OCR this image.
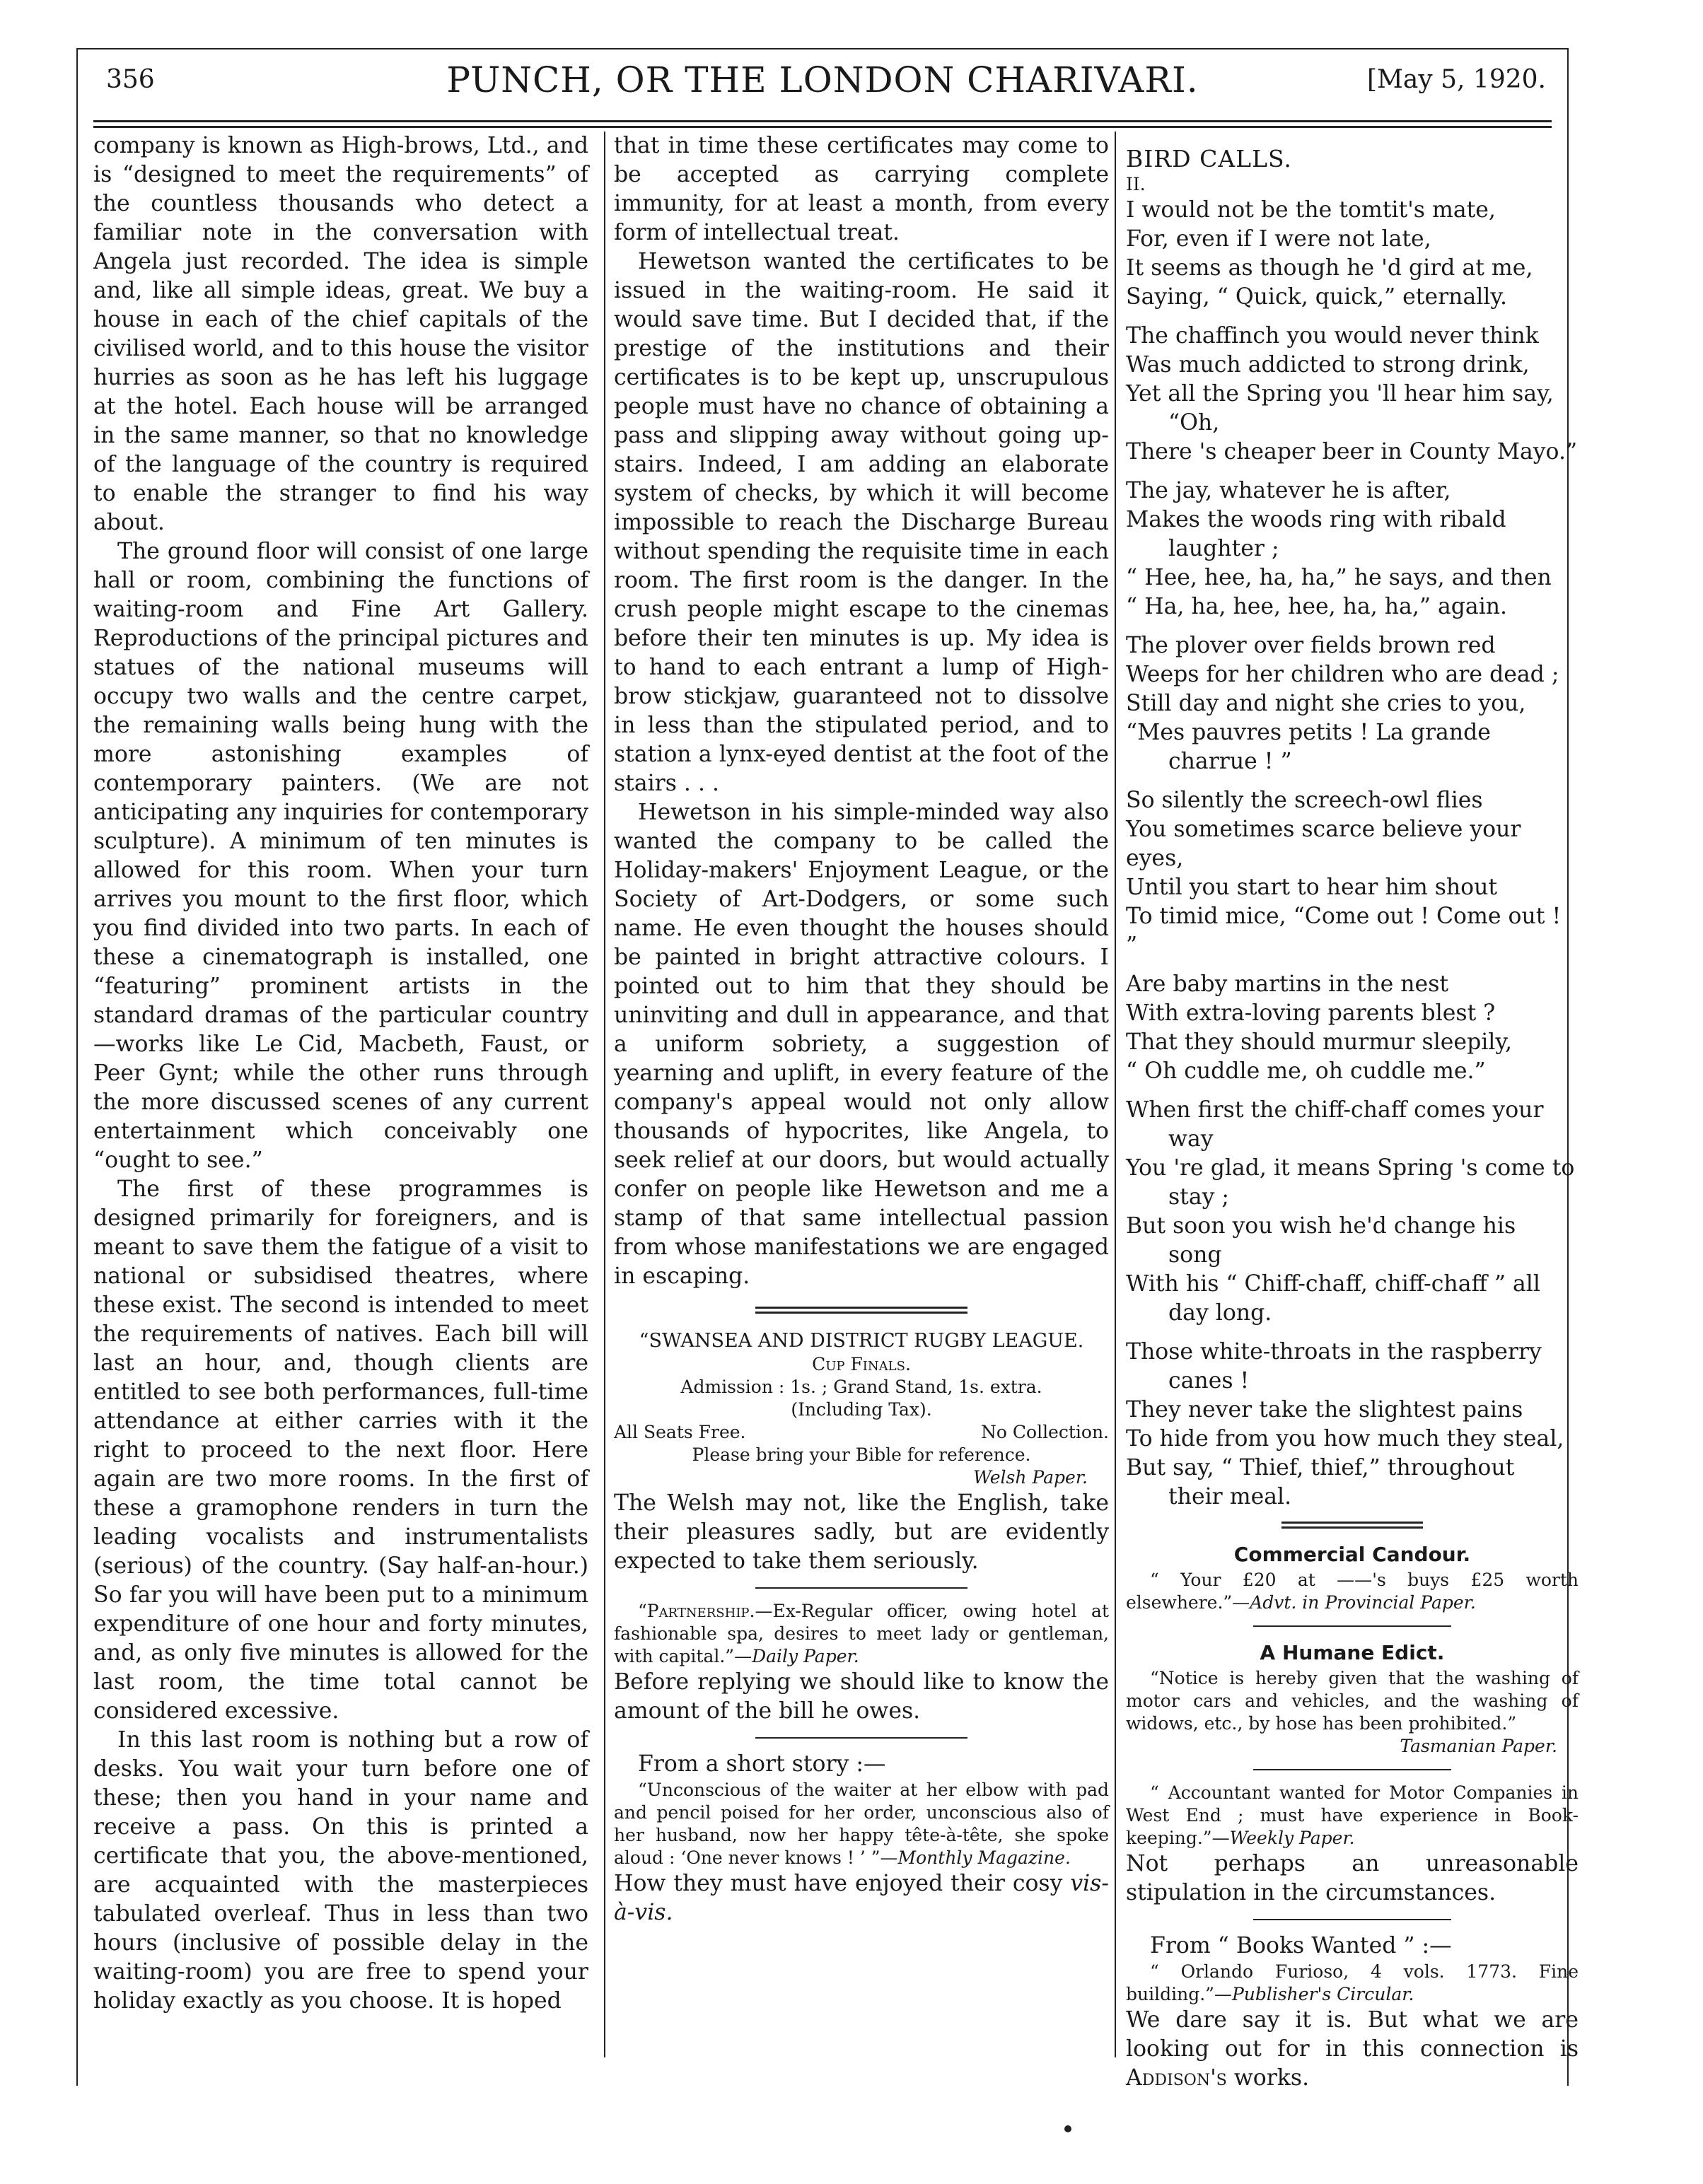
356	PUNCH, OR THE LONDON CHARIVARI.	[May 5, 1920.

company is known as High-brows, Ltd., and is “designed to meet the requirements” of the countless thousands who detect a familiar note in the conversation with Angela just recorded. The idea is simple and, like all simple ideas, great. We buy a house in each of the chief capitals of the civilised world, and to this house the visitor hurries as soon as he has left his luggage at the hotel. Each house will be arranged in the same manner, so that no knowledge of the language of the country is required to enable the stranger to find his way about.

The ground floor will consist of one large hall or room, combining the functions of waiting-room and Fine Art Gallery. Reproductions of the principal pictures and statues of the national museums will occupy two walls and the centre carpet, the remaining walls being hung with the more astonishing examples of contemporary painters. (We are not anticipating any inquiries for contemporary sculpture). A minimum of ten minutes is allowed for this room. When your turn arrives you mount to the first floor, which you find divided into two parts. In each of these a cinematograph is installed, one “featuring” prominent artists in the standard dramas of the particular country—works like Le Cid, Macbeth, Faust, or Peer Gynt; while the other runs through the more discussed scenes of any current entertainment which conceivably one “ought to see.”

The first of these programmes is designed primarily for foreigners, and is meant to save them the fatigue of a visit to national or subsidised theatres, where these exist. The second is intended to meet the requirements of natives. Each bill will last an hour, and, though clients are entitled to see both performances, full-time attendance at either carries with it the right to proceed to the next floor. Here again are two more rooms. In the first of these a gramophone renders in turn the leading vocalists and instrumentalists (serious) of the country. (Say half-an-hour.) So far you will have been put to a minimum expenditure of one hour and forty minutes, and, as only five minutes is allowed for the last room, the time total cannot be considered excessive.

In this last room is nothing but a row of desks. You wait your turn before one of these; then you hand in your name and receive a pass. On this is printed a certificate that you, the above-mentioned, are acquainted with the masterpieces tabulated overleaf. Thus in less than two hours (inclusive of possible delay in the waiting-room) you are free to spend your holiday exactly as you choose. It is hoped

that in time these certificates may come to be accepted as carrying complete immunity, for at least a month, from every form of intellectual treat.

Hewetson wanted the certificates to be issued in the waiting-room. He said it would save time. But I decided that, if the prestige of the institutions and their certificates is to be kept up, unscrupulous people must have no chance of obtaining a pass and slipping away without going up-stairs. Indeed, I am adding an elaborate system of checks, by which it will become impossible to reach the Discharge Bureau without spending the requisite time in each room. The first room is the danger. In the crush people might escape to the cinemas before their ten minutes is up. My idea is to hand to each entrant a lump of High-brow stickjaw, guaranteed not to dissolve in less than the stipulated period, and to station a lynx-eyed dentist at the foot of the stairs . . .

Hewetson in his simple-minded way also wanted the company to be called the Holiday-makers' Enjoyment League, or the Society of Art-Dodgers, or some such name. He even thought the houses should be painted in bright attractive colours. I pointed out to him that they should be uninviting and dull in appearance, and that a uniform sobriety, a suggestion of yearning and uplift, in every feature of the company's appeal would not only allow thousands of hypocrites, like Angela, to seek relief at our doors, but would actually confer on people like Hewetson and me a stamp of that same intellectual passion from whose manifestations we are engaged in escaping.

“SWANSEA AND DISTRICT RUGBY LEAGUE.

Cup Finals.

Admission : 1s. ; Grand Stand, 1s. extra.

(Including Tax).

All Seats Free.	No Collection.

Please bring your Bible for reference.

Welsh Paper.

The Welsh may not, like the English, take their pleasures sadly, but are evidently expected to take them seriously.

“Partnership.—Ex-Regular officer, owing hotel at fashionable spa, desires to meet lady or gentleman, with capital.”—Daily Paper.

Before replying we should like to know the amount of the bill he owes.

From a short story :—

“Unconscious of the waiter at her elbow with pad and pencil poised for her order, unconscious also of her husband, now her happy tête-à-tête, she spoke aloud : ‘One never knows ! ’ ”—Monthly Magazine.

How they must have enjoyed their cosy vis-à-vis.

BIRD CALLS.

II.

I would not be the tomtit's mate,

For, even if I were not late,

It seems as though he 'd gird at me,

Saying, “ Quick, quick,” eternally.

The chaffinch you would never think

Was much addicted to strong drink,

Yet all the Spring you 'll hear him say,

“Oh,

There 's cheaper beer in County Mayo.”

The jay, whatever he is after,

Makes the woods ring with ribald

laughter ;

“ Hee, hee, ha, ha,” he says, and then

“ Ha, ha, hee, hee, ha, ha,” again.

The plover over fields brown red

Weeps for her children who are dead ;

Still day and night she cries to you,

“Mes pauvres petits ! La grande

charrue ! ”

So silently the screech-owl flies

You sometimes scarce believe your eyes,

Until you start to hear him shout

To timid mice, “Come out ! Come out ! ”

Are baby martins in the nest

With extra-loving parents blest ?

That they should murmur sleepily,

“ Oh cuddle me, oh cuddle me.”

When first the chiff-chaff comes your

way

You 're glad, it means Spring 's come to

stay ;

But soon you wish he'd change his

song

With his “ Chiff-chaff, chiff-chaff ” all

day long.

Those white-throats in the raspberry

canes !

They never take the slightest pains

To hide from you how much they steal,

But say, “ Thief, thief,” throughout

their meal.

Commercial Candour.

“ Your £20 at ——'s buys £25 worth elsewhere.”—Advt. in Provincial Paper.

A Humane Edict.

“Notice is hereby given that the washing of motor cars and vehicles, and the washing of widows, etc., by hose has been prohibited.”

Tasmanian Paper.

“ Accountant wanted for Motor Companies in West End ; must have experience in Book-keeping.”—Weekly Paper.

Not perhaps an unreasonable stipulation in the circumstances.

From “ Books Wanted ” :—

“ Orlando Furioso, 4 vols. 1773. Fine building.”—Publisher's Circular.

We dare say it is. But what we are looking out for in this connection is Addison's works.
